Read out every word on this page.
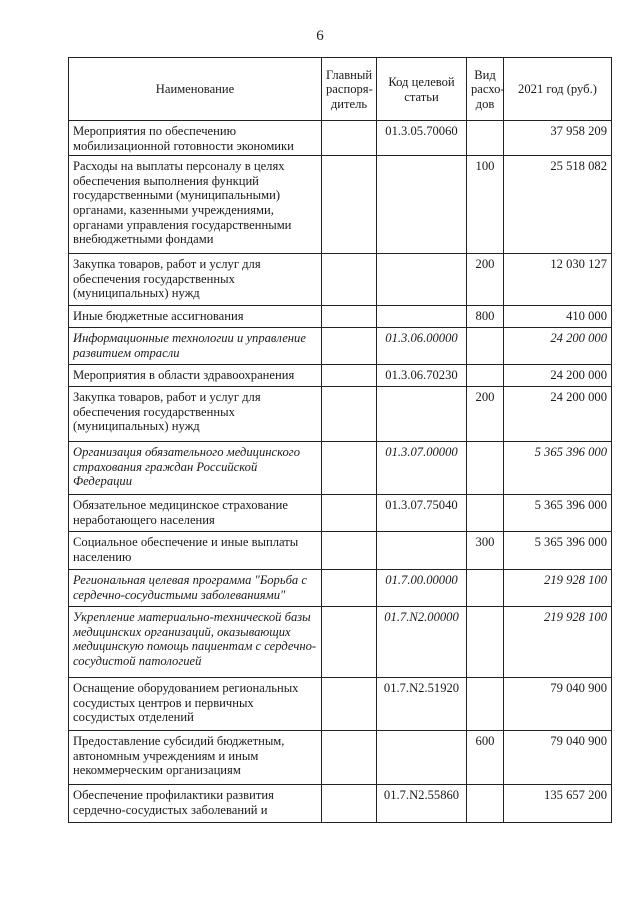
6
Наименование	Главный распоря- дитель	Код целевой статьи	Вид расхо- дов	2021 год (руб.)
Мероприятия по обеспечению мобилизационной готовности экономики		01.3.05.70060		37 958 209
Расходы на выплаты персоналу в целях обеспечения выполнения функций государственными (муниципальными) органами, казенными учреждениями, органами управления государственными внебюджетными фондами			100	25 518 082
Закупка товаров, работ и услуг для обеспечения государственных (муниципальных) нужд			200	12 030 127
Иные бюджетные ассигнования			800	410 000
Информационные технологии и управление развитием отрасли		01.3.06.00000		24 200 000
Мероприятия в области здравоохранения		01.3.06.70230		24 200 000
Закупка товаров, работ и услуг для обеспечения государственных (муниципальных) нужд			200	24 200 000
Организация обязательного медицинского страхования граждан Российской Федерации		01.3.07.00000		5 365 396 000
Обязательное медицинское страхование неработающего населения		01.3.07.75040		5 365 396 000
Социальное обеспечение и иные выплаты населению			300	5 365 396 000
Региональная целевая программа "Борьба с сердечно-сосудистыми заболеваниями"		01.7.00.00000		219 928 100
Укрепление материально-технической базы медицинских организаций, оказывающих медицинскую помощь пациентам с сердечно-сосудистой патологией		01.7.N2.00000		219 928 100
Оснащение оборудованием региональных сосудистых центров и первичных сосудистых отделений		01.7.N2.51920		79 040 900
Предоставление субсидий бюджетным, автономным учреждениям и иным некоммерческим организациям			600	79 040 900
Обеспечение профилактики развития сердечно-сосудистых заболеваний и		01.7.N2.55860		135 657 200
